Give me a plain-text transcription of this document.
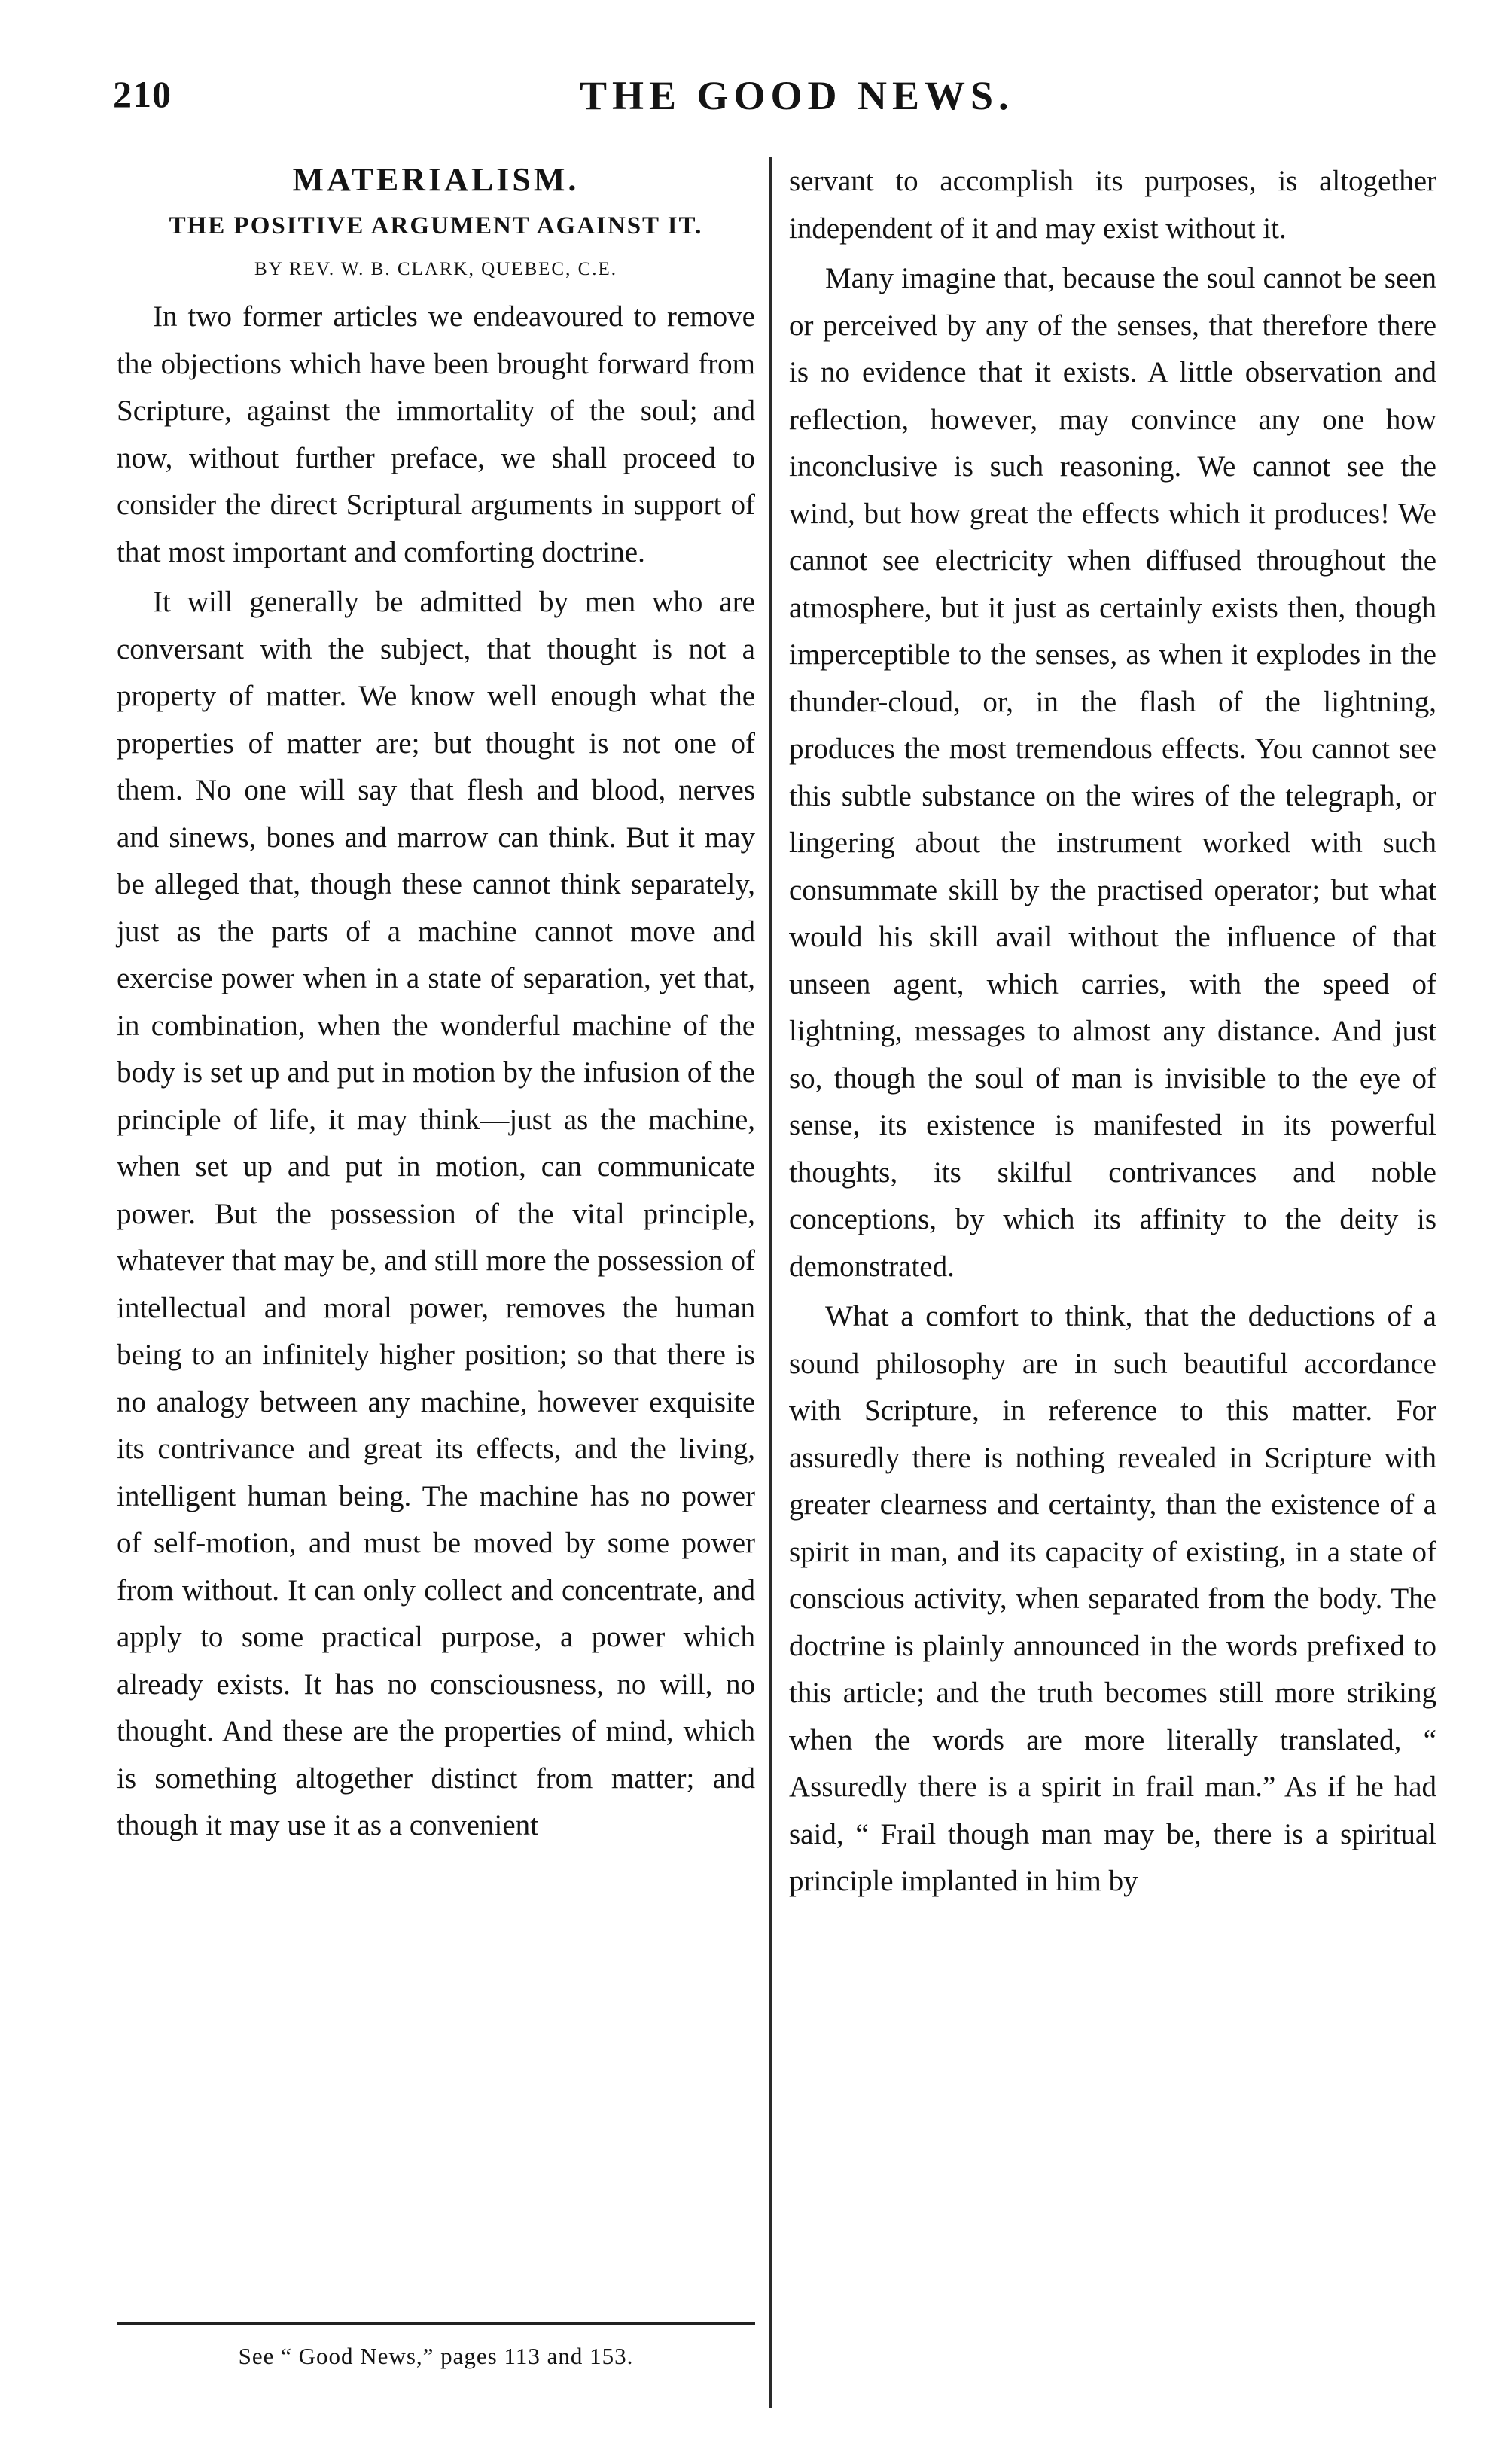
210	THE GOOD NEWS.
MATERIALISM.
THE POSITIVE ARGUMENT AGAINST IT.
BY REV. W. B. CLARK, QUEBEC, C.E.

In two former articles we endeavoured to remove the objections which have been brought forward from Scripture, against the immortality of the soul; and now, without further preface, we shall proceed to consider the direct Scriptural arguments in support of that most important and comforting doctrine.

It will generally be admitted by men who are conversant with the subject, that thought is not a property of matter. We know well enough what the properties of matter are; but thought is not one of them. No one will say that flesh and blood, nerves and sinews, bones and marrow can think. But it may be alleged that, though these cannot think separately, just as the parts of a machine cannot move and exercise power when in a state of separation, yet that, in combination, when the wonderful machine of the body is set up and put in motion by the infusion of the principle of life, it may think—just as the machine, when set up and put in motion, can communicate power. But the possession of the vital principle, whatever that may be, and still more the possession of intellectual and moral power, removes the human being to an infinitely higher position; so that there is no analogy between any machine, however exquisite its contrivance and great its effects, and the living, intelligent human being. The machine has no power of self-motion, and must be moved by some power from without. It can only collect and concentrate, and apply to some practical purpose, a power which already exists. It has no consciousness, no will, no thought. And these are the properties of mind, which is something altogether distinct from matter; and though it may use it as a convenient

servant to accomplish its purposes, is altogether independent of it and may exist without it.

Many imagine that, because the soul cannot be seen or perceived by any of the senses, that therefore there is no evidence that it exists. A little observation and reflection, however, may convince any one how inconclusive is such reasoning. We cannot see the wind, but how great the effects which it produces! We cannot see electricity when diffused throughout the atmosphere, but it just as certainly exists then, though imperceptible to the senses, as when it explodes in the thunder-cloud, or, in the flash of the lightning, produces the most tremendous effects. You cannot see this subtle substance on the wires of the telegraph, or lingering about the instrument worked with such consummate skill by the practised operator; but what would his skill avail without the influence of that unseen agent, which carries, with the speed of lightning, messages to almost any distance. And just so, though the soul of man is invisible to the eye of sense, its existence is manifested in its powerful thoughts, its skilful contrivances and noble conceptions, by which its affinity to the deity is demonstrated.

What a comfort to think, that the deductions of a sound philosophy are in such beautiful accordance with Scripture, in reference to this matter. For assuredly there is nothing revealed in Scripture with greater clearness and certainty, than the existence of a spirit in man, and its capacity of existing, in a state of conscious activity, when separated from the body. The doctrine is plainly announced in the words prefixed to this article; and the truth becomes still more striking when the words are more literally translated, “ Assuredly there is a spirit in frail man.” As if he had said, “ Frail though man may be, there is a spiritual principle implanted in him by

See “ Good News,” pages 113 and 153.
